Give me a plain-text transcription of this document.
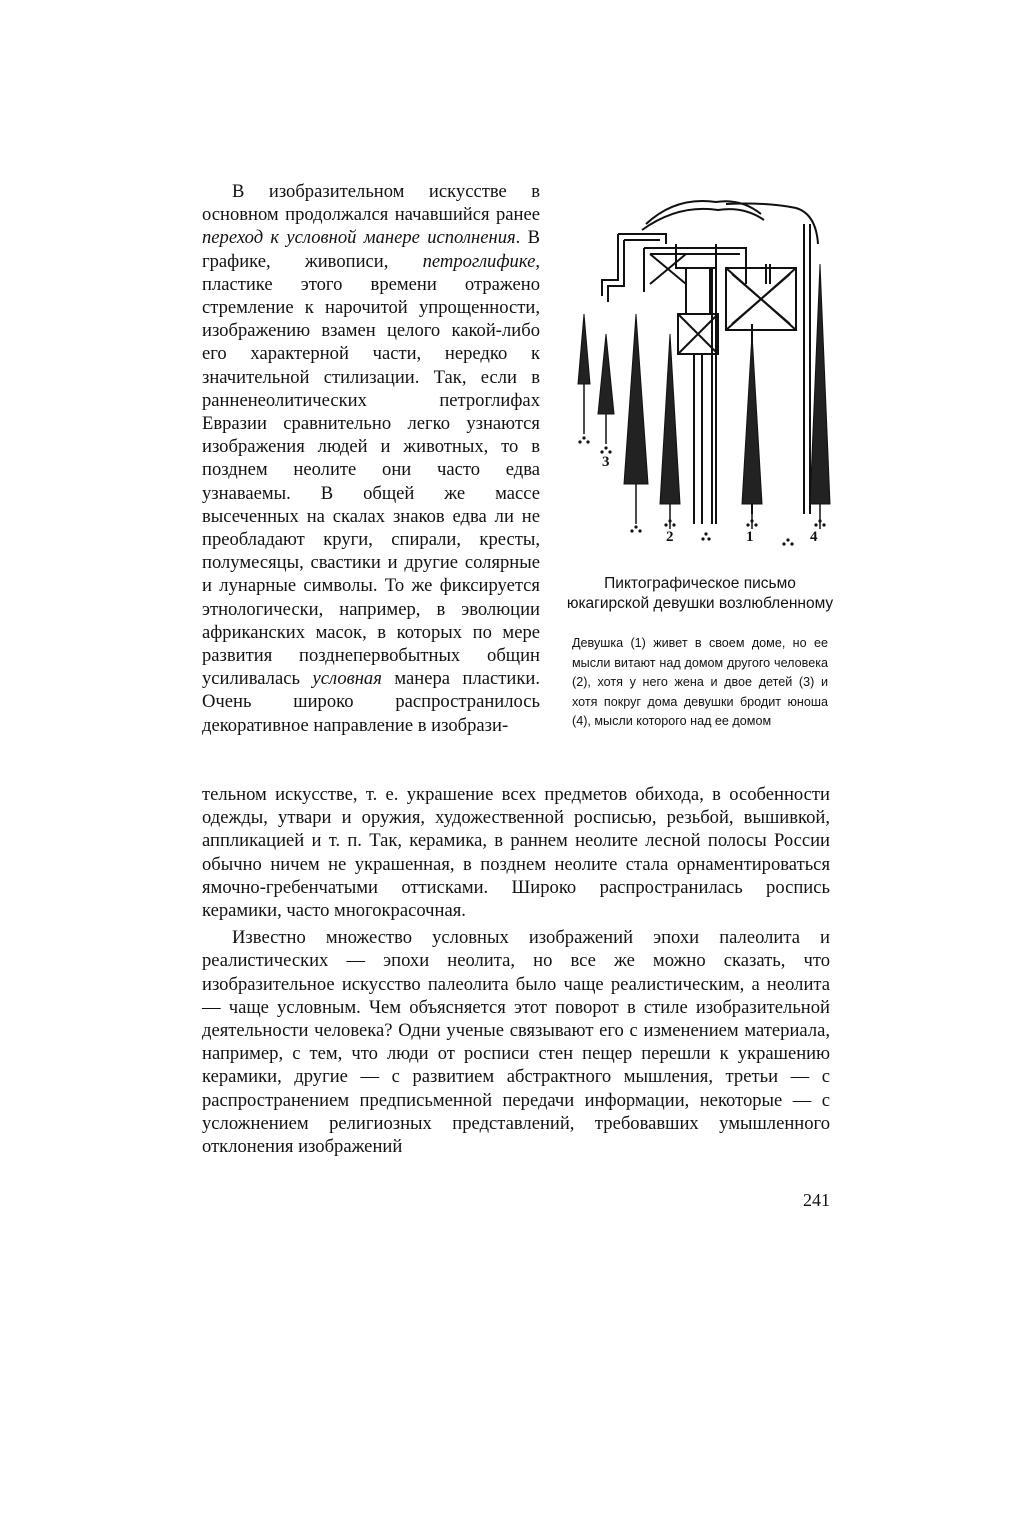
В изобразительном искусстве в основном продолжался начавшийся ранее переход к условной манере исполнения. В графике, живописи, петроглифике, пластике этого времени отражено стремление к нарочитой упрощенности, изображению взамен целого какой-либо его характерной части, нередко к значительной стилизации. Так, если в ранненеолитических петроглифах Евразии сравнительно легко узнаются изображения людей и животных, то в позднем неолите они часто едва узнаваемы. В общей же массе высеченных на скалах знаков едва ли не преобладают круги, спирали, кресты, полумесяцы, свастики и другие солярные и лунарные символы. То же фиксируется этнологически, например, в эволюции африканских масок, в которых по мере развития позднепервобытных общин усиливалась условная манера пластики. Очень широко распространилось декоративное направление в изобрази-

3
2	1	4
Пиктографическое письмо юкагирской девушки возлюбленному
Девушка (1) живет в своем доме, но ее мысли витают над домом другого человека (2), хотя у него жена и двое детей (3) и хотя покруг дома девушки бродит юноша (4), мысли которого над ее домом

тельном искусстве, т. е. украшение всех предметов обихода, в особенности одежды, утвари и оружия, художественной росписью, резьбой, вышивкой, аппликацией и т. п. Так, керамика, в раннем неолите лесной полосы России обычно ничем не украшенная, в позднем неолите стала орнаментироваться ямочно-гребенчатыми оттисками. Широко распространилась роспись керамики, часто многокрасочная.

Известно множество условных изображений эпохи палеолита и реалистических — эпохи неолита, но все же можно сказать, что изобразительное искусство палеолита было чаще реалистическим, а неолита — чаще условным. Чем объясняется этот поворот в стиле изобразительной деятельности человека? Одни ученые связывают его с изменением материала, например, с тем, что люди от росписи стен пещер перешли к украшению керамики, другие — с развитием абстрактного мышления, третьи — с распространением предписьменной передачи информации, некоторые — с усложнением религиозных представлений, требовавших умышленного отклонения изображений

241
